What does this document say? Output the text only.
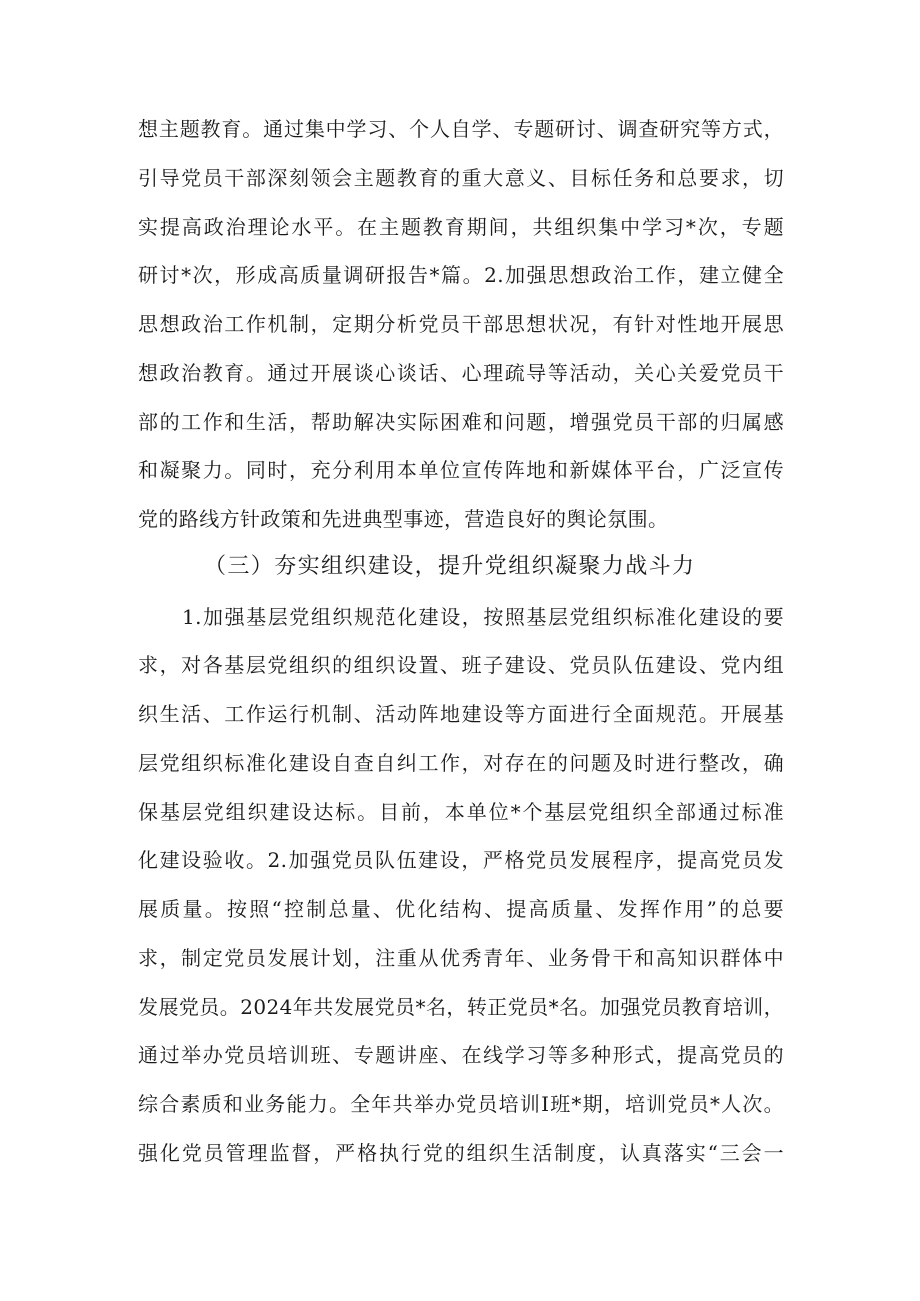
想主题教育。通过集中学习、个人自学、专题研讨、调查研究等方式，
引导党员干部深刻领会主题教育的重大意义、目标任务和总要求，切
实提高政治理论水平。在主题教育期间，共组织集中学习*次，专题
研讨*次，形成高质量调研报告*篇。2.加强思想政治工作，建立健全
思想政治工作机制，定期分析党员干部思想状况，有针对性地开展思
想政治教育。通过开展谈心谈话、心理疏导等活动，关心关爱党员干
部的工作和生活，帮助解决实际困难和问题，增强党员干部的归属感
和凝聚力。同时，充分利用本单位宣传阵地和新媒体平台，广泛宣传
党的路线方针政策和先进典型事迹，营造良好的舆论氛围。
（三）夯实组织建设，提升党组织凝聚力战斗力
1.加强基层党组织规范化建设，按照基层党组织标准化建设的要
求，对各基层党组织的组织设置、班子建设、党员队伍建设、党内组
织生活、工作运行机制、活动阵地建设等方面进行全面规范。开展基
层党组织标准化建设自查自纠工作，对存在的问题及时进行整改，确
保基层党组织建设达标。目前，本单位*个基层党组织全部通过标准
化建设验收。2.加强党员队伍建设，严格党员发展程序，提高党员发
展质量。按照“控制总量、优化结构、提高质量、发挥作用”的总要
求，制定党员发展计划，注重从优秀青年、业务骨干和高知识群体中
发展党员。2024年共发展党员*名，转正党员*名。加强党员教育培训，
通过举办党员培训班、专题讲座、在线学习等多种形式，提高党员的
综合素质和业务能力。全年共举办党员培训I班*期，培训党员*人次。
强化党员管理监督，严格执行党的组织生活制度，认真落实“三会一
